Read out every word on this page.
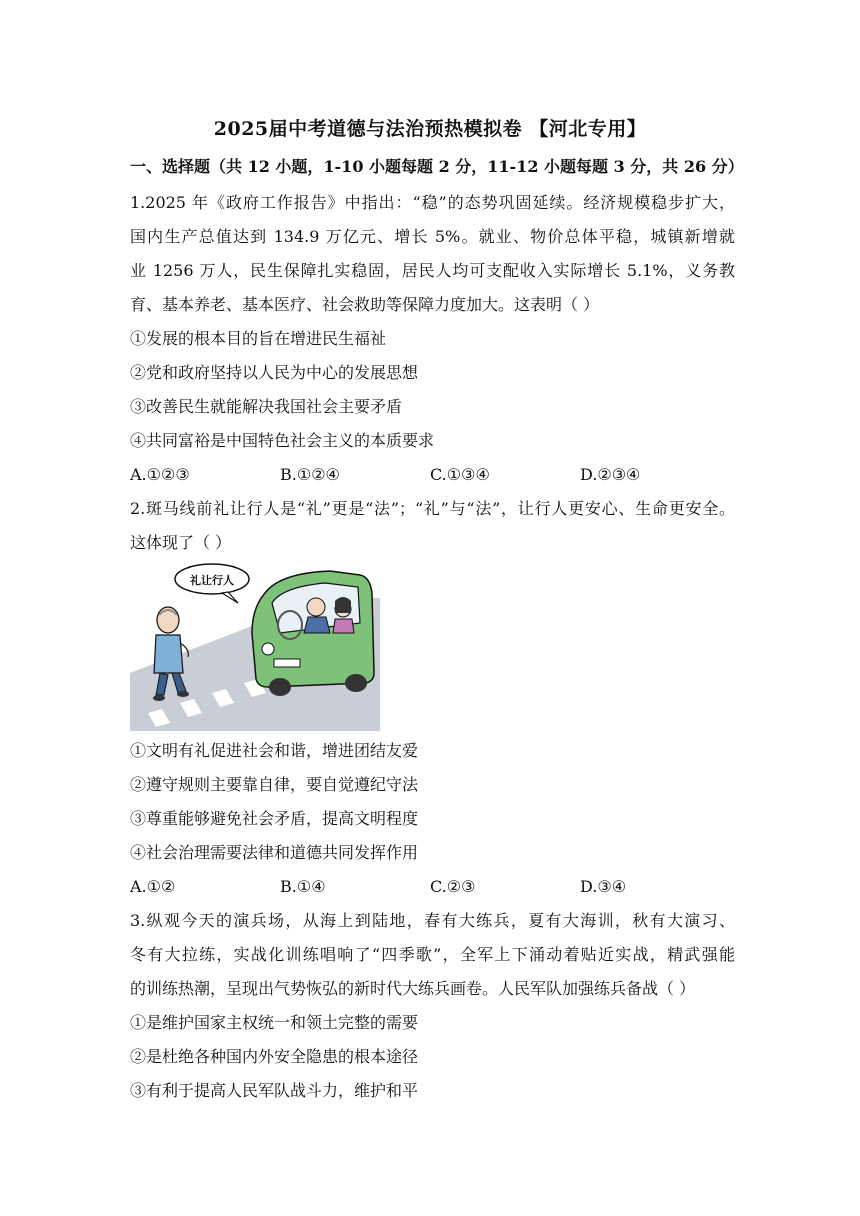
2025届中考道德与法治预热模拟卷 【河北专用】
一、选择题（共 12 小题，1-10 小题每题 2 分，11-12 小题每题 3 分，共 26 分）
1.2025 年《政府工作报告》中指出：“稳”的态势巩固延续。经济规模稳步扩大，
国内生产总值达到 134.9 万亿元、增长 5%。就业、物价总体平稳，城镇新增就
业 1256 万人，民生保障扎实稳固，居民人均可支配收入实际增长 5.1%，义务教
育、基本养老、基本医疗、社会救助等保障力度加大。这表明（ ）
①发展的根本目的旨在增进民生福祉
②党和政府坚持以人民为中心的发展思想
③改善民生就能解决我国社会主要矛盾
④共同富裕是中国特色社会主义的本质要求
A.①②③	B.①②④	C.①③④	D.②③④
2.斑马线前礼让行人是“礼”更是“法”；“礼”与“法”，让行人更安心、生命更安全。
这体现了（ ）
礼让行人
①文明有礼促进社会和谐，增进团结友爱
②遵守规则主要靠自律，要自觉遵纪守法
③尊重能够避免社会矛盾，提高文明程度
④社会治理需要法律和道德共同发挥作用
A.①②	B.①④	C.②③	D.③④
3.纵观今天的演兵场，从海上到陆地，春有大练兵，夏有大海训，秋有大演习、
冬有大拉练，实战化训练唱响了“四季歌”，全军上下涌动着贴近实战，精武强能
的训练热潮，呈现出气势恢弘的新时代大练兵画卷。人民军队加强练兵备战（ ）
①是维护国家主权统一和领土完整的需要
②是杜绝各种国内外安全隐患的根本途径
③有利于提高人民军队战斗力，维护和平
